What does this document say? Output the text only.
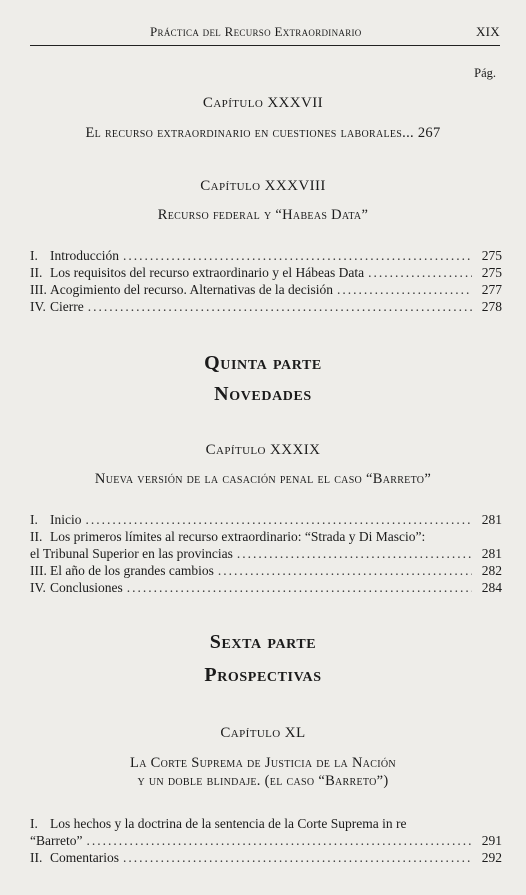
Práctica del Recurso Extraordinario	XIX
Pág.
Capítulo XXXVII
El recurso extraordinario en cuestiones laborales... 267
Capítulo XXXVIII
Recurso federal y “Habeas Data”
I. Introducción .....	275
II. Los requisitos del recurso extraordinario y el Hábeas Data .....	275
III. Acogimiento del recurso. Alternativas de la decisión .....	277
IV. Cierre .....	278
Quinta parte
Novedades
Capítulo XXXIX
Nueva versión de la casación penal el caso “Barreto”
I. Inicio .....	281
II. Los primeros límites al recurso extraordinario: “Strada y Di Mascio”:
el Tribunal Superior en las provincias .....	281
III. El año de los grandes cambios .....	282
IV. Conclusiones .....	284
Sexta parte
Prospectivas
Capítulo XL
La Corte Suprema de Justicia de la Nación
y un doble blindaje. (el caso “Barreto”)
I. Los hechos y la doctrina de la sentencia de la Corte Suprema in re
“Barreto” .....	291
II. Comentarios .....	292
